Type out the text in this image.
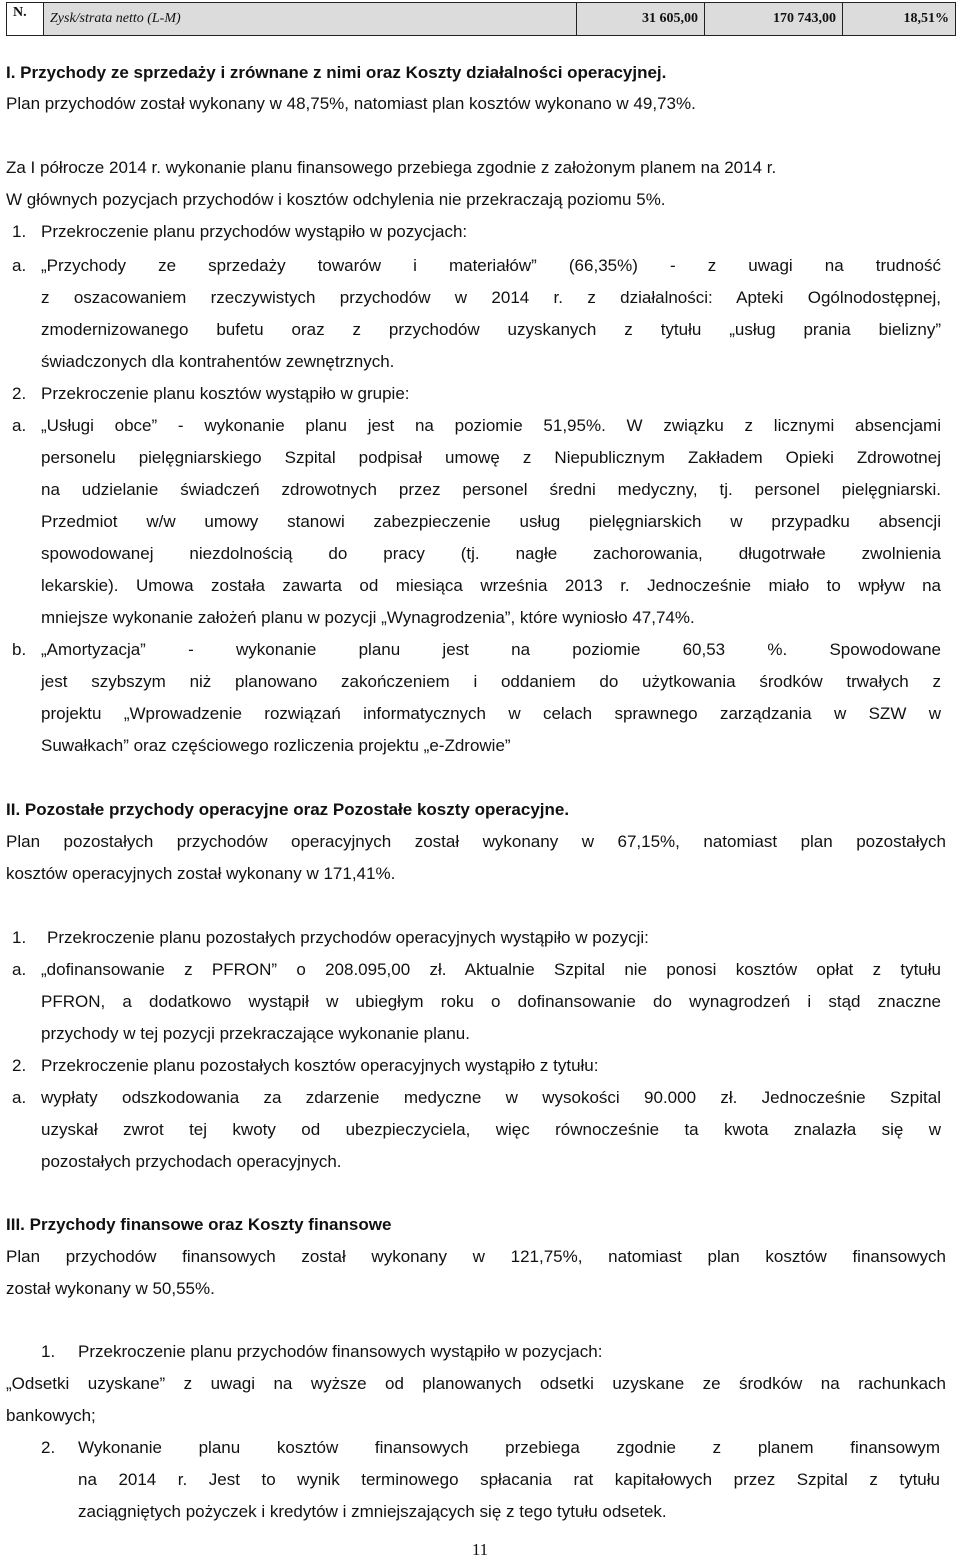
N.	Zysk/strata netto (L-M)	31 605,00	170 743,00	18,51%
I. Przychody ze sprzedaży i zrównane z nimi oraz Koszty działalności operacyjnej.
Plan przychodów został wykonany w 48,75%, natomiast plan kosztów wykonano w 49,73%.
Za I półrocze 2014 r. wykonanie planu finansowego przebiega zgodnie z założonym planem na 2014 r.
W głównych pozycjach przychodów i kosztów odchylenia nie przekraczają poziomu 5%.
1. Przekroczenie planu przychodów wystąpiło w pozycjach:
a. „Przychody ze sprzedaży towarów i materiałów” (66,35%) - z uwagi na trudność
z oszacowaniem rzeczywistych przychodów w 2014 r. z działalności: Apteki Ogólnodostępnej,
zmodernizowanego bufetu oraz z przychodów uzyskanych z tytułu „usług prania bielizny”
świadczonych dla kontrahentów zewnętrznych.
2. Przekroczenie planu kosztów wystąpiło w grupie:
a. „Usługi obce” - wykonanie planu jest na poziomie 51,95%. W związku z licznymi absencjami
personelu pielęgniarskiego Szpital podpisał umowę z Niepublicznym Zakładem Opieki Zdrowotnej
na udzielanie świadczeń zdrowotnych przez personel średni medyczny, tj. personel pielęgniarski.
Przedmiot w/w umowy stanowi zabezpieczenie usług pielęgniarskich w przypadku absencji
spowodowanej niezdolnością do pracy (tj. nagłe zachorowania, długotrwałe zwolnienia
lekarskie). Umowa została zawarta od miesiąca września 2013 r. Jednocześnie miało to wpływ na
mniejsze wykonanie założeń planu w pozycji „Wynagrodzenia”, które wyniosło 47,74%.
b. „Amortyzacja” - wykonanie planu jest na poziomie 60,53 %. Spowodowane
jest szybszym niż planowano zakończeniem i oddaniem do użytkowania środków trwałych z
projektu „Wprowadzenie rozwiązań informatycznych w celach sprawnego zarządzania w SZW w
Suwałkach” oraz częściowego rozliczenia projektu „e-Zdrowie”
II. Pozostałe przychody operacyjne oraz Pozostałe koszty operacyjne.
Plan pozostałych przychodów operacyjnych został wykonany w 67,15%, natomiast plan pozostałych
kosztów operacyjnych został wykonany w 171,41%.
1. Przekroczenie planu pozostałych przychodów operacyjnych wystąpiło w pozycji:
a. „dofinansowanie z PFRON” o 208.095,00 zł. Aktualnie Szpital nie ponosi kosztów opłat z tytułu
PFRON, a dodatkowo wystąpił w ubiegłym roku o dofinansowanie do wynagrodzeń i stąd znaczne
przychody w tej pozycji przekraczające wykonanie planu.
2. Przekroczenie planu pozostałych kosztów operacyjnych wystąpiło z tytułu:
a. wypłaty odszkodowania za zdarzenie medyczne w wysokości 90.000 zł. Jednocześnie Szpital
uzyskał zwrot tej kwoty od ubezpieczyciela, więc równocześnie ta kwota znalazła się w
pozostałych przychodach operacyjnych.
III. Przychody finansowe oraz Koszty finansowe
Plan przychodów finansowych został wykonany w 121,75%, natomiast plan kosztów finansowych
został wykonany w 50,55%.
1.	Przekroczenie planu przychodów finansowych wystąpiło w pozycjach:
„Odsetki uzyskane” z uwagi na wyższe od planowanych odsetki uzyskane ze środków na rachunkach
bankowych;
2.	Wykonanie planu kosztów finansowych przebiega zgodnie z planem finansowym
na 2014 r. Jest to wynik terminowego spłacania rat kapitałowych przez Szpital z tytułu
zaciągniętych pożyczek i kredytów i zmniejszających się z tego tytułu odsetek.
11
